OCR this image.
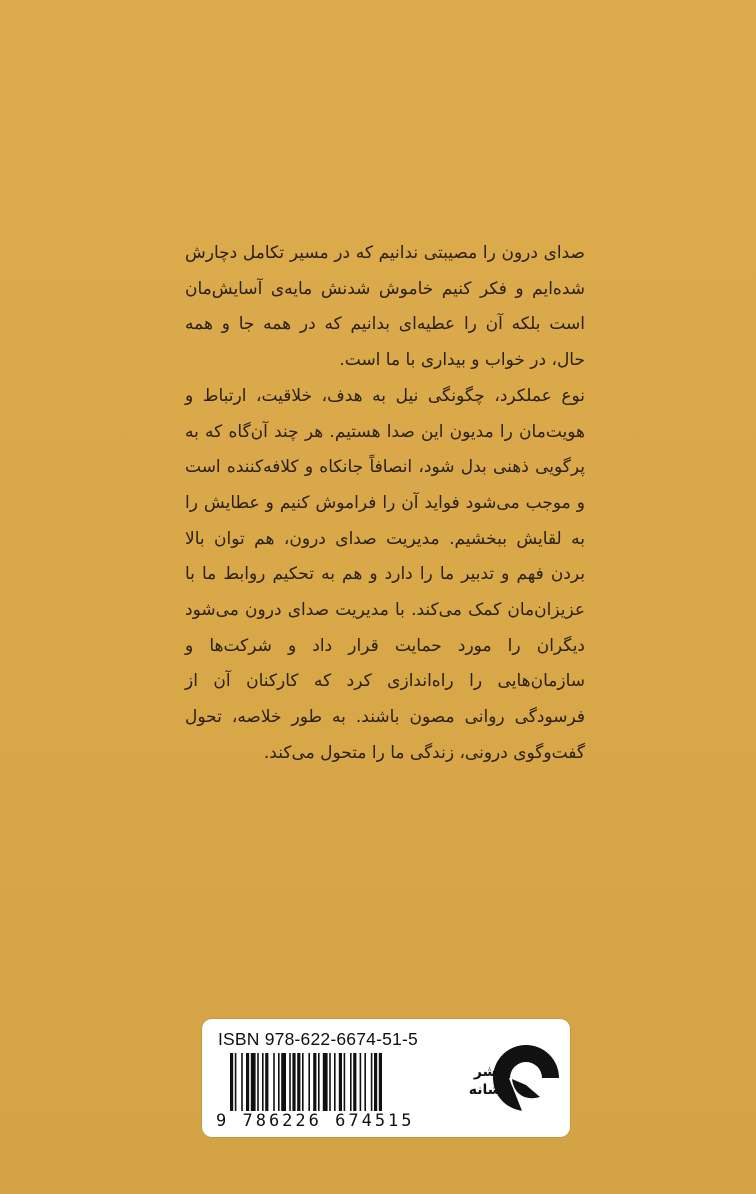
صدای درون را مصیبتی ندانیم که در مسیر تکامل دچارش شده‌ایم و فکر کنیم خاموش شدنش مایه‌ی آسایش‌مان است بلکه آن را عطیه‌ای بدانیم که در همه جا و همه حال، در خواب و بیداری با ما است.

نوع عملکرد، چگونگی نیل به هدف، خلاقیت، ارتباط و هویت‌مان را مدیون این صدا هستیم. هر چند آن‌گاه که به پرگویی ذهنی بدل شود، انصافاً جانکاه و کلافه‌کننده است و موجب می‌شود فواید آن را فراموش کنیم و عطایش را به لقایش ببخشیم. مدیریت صدای درون، هم توان بالا بردن فهم و تدبیر ما را دارد و هم به تحکیم روابط ما با عزیزان‌مان کمک می‌کند. با مدیریت صدای درون می‌شود دیگران را مورد حمایت قرار داد و شرکت‌ها و سازمان‌هایی را راه‌اندازی کرد که کارکنان آن از فرسودگی روانی مصون باشند. به طور خلاصه، تحول گفت‌وگوی درونی، زندگی ما را متحول می‌کند.

ISBN 978-622-6674-51-5
9 786226 674515
نشر
نشانه
